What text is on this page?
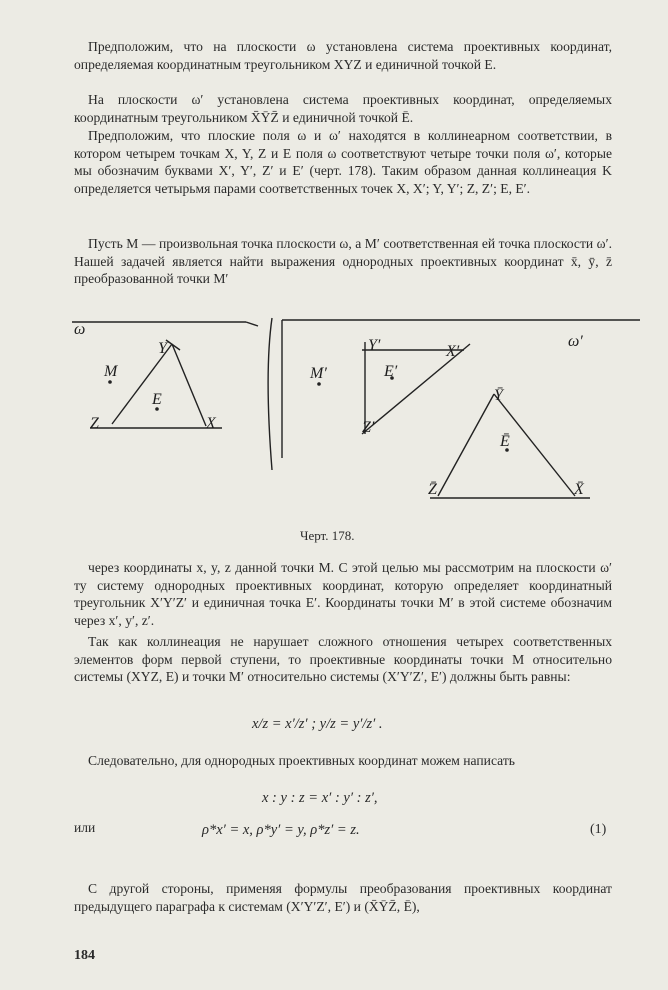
Предположим, что на плоскости ω установлена система проективных координат, определяемая координатным треугольником XYZ и единичной точкой E.

На плоскости ω′ установлена система проективных координат, определяемых координатным треугольником X̄ȲZ̄ и единичной точкой Ē.

Предположим, что плоские поля ω и ω′ находятся в коллинеарном соответствии, в котором четырем точкам X, Y, Z и E поля ω соответствуют четыре точки поля ω′, которые мы обозначим буквами X′, Y′, Z′ и E′ (черт. 178). Таким образом данная коллинеация K определяется четырьмя парами соответственных точек X, X′; Y, Y′; Z, Z′; E, E′.

Пусть M — произвольная точка плоскости ω, а M′ соответственная ей точка плоскости ω′. Нашей задачей является найти выражения однородных проективных координат x̄, ȳ, z̄ преобразованной точки M′

ω
ω′
M
Y
E
Z	X
M′
Y′	X′
E′
Z′
Ȳ
Ē
Z̄	X̄
Черт. 178.

через координаты x, y, z данной точки M. С этой целью мы рассмотрим на плоскости ω′ ту систему однородных проективных координат, которую определяет координатный треугольник X′Y′Z′ и единичная точка E′. Координаты точки M′ в этой системе обозначим через x′, y′, z′.

Так как коллинеация не нарушает сложного отношения четырех соответственных элементов форм первой ступени, то проективные координаты точки M относительно системы (XYZ, E) и точки M′ относительно системы (X′Y′Z′, E′) должны быть равны:

x/z = x′/z′ ; y/z = y′/z′ .

Следовательно, для однородных проективных координат можем написать

x : y : z = x′ : y′ : z′,
или	ρ*x′ = x, ρ*y′ = y, ρ*z′ = z.	(1)

С другой стороны, применяя формулы преобразования проективных координат предыдущего параграфа к системам (X′Y′Z′, E′) и (X̄ȲZ̄, Ē),

184
